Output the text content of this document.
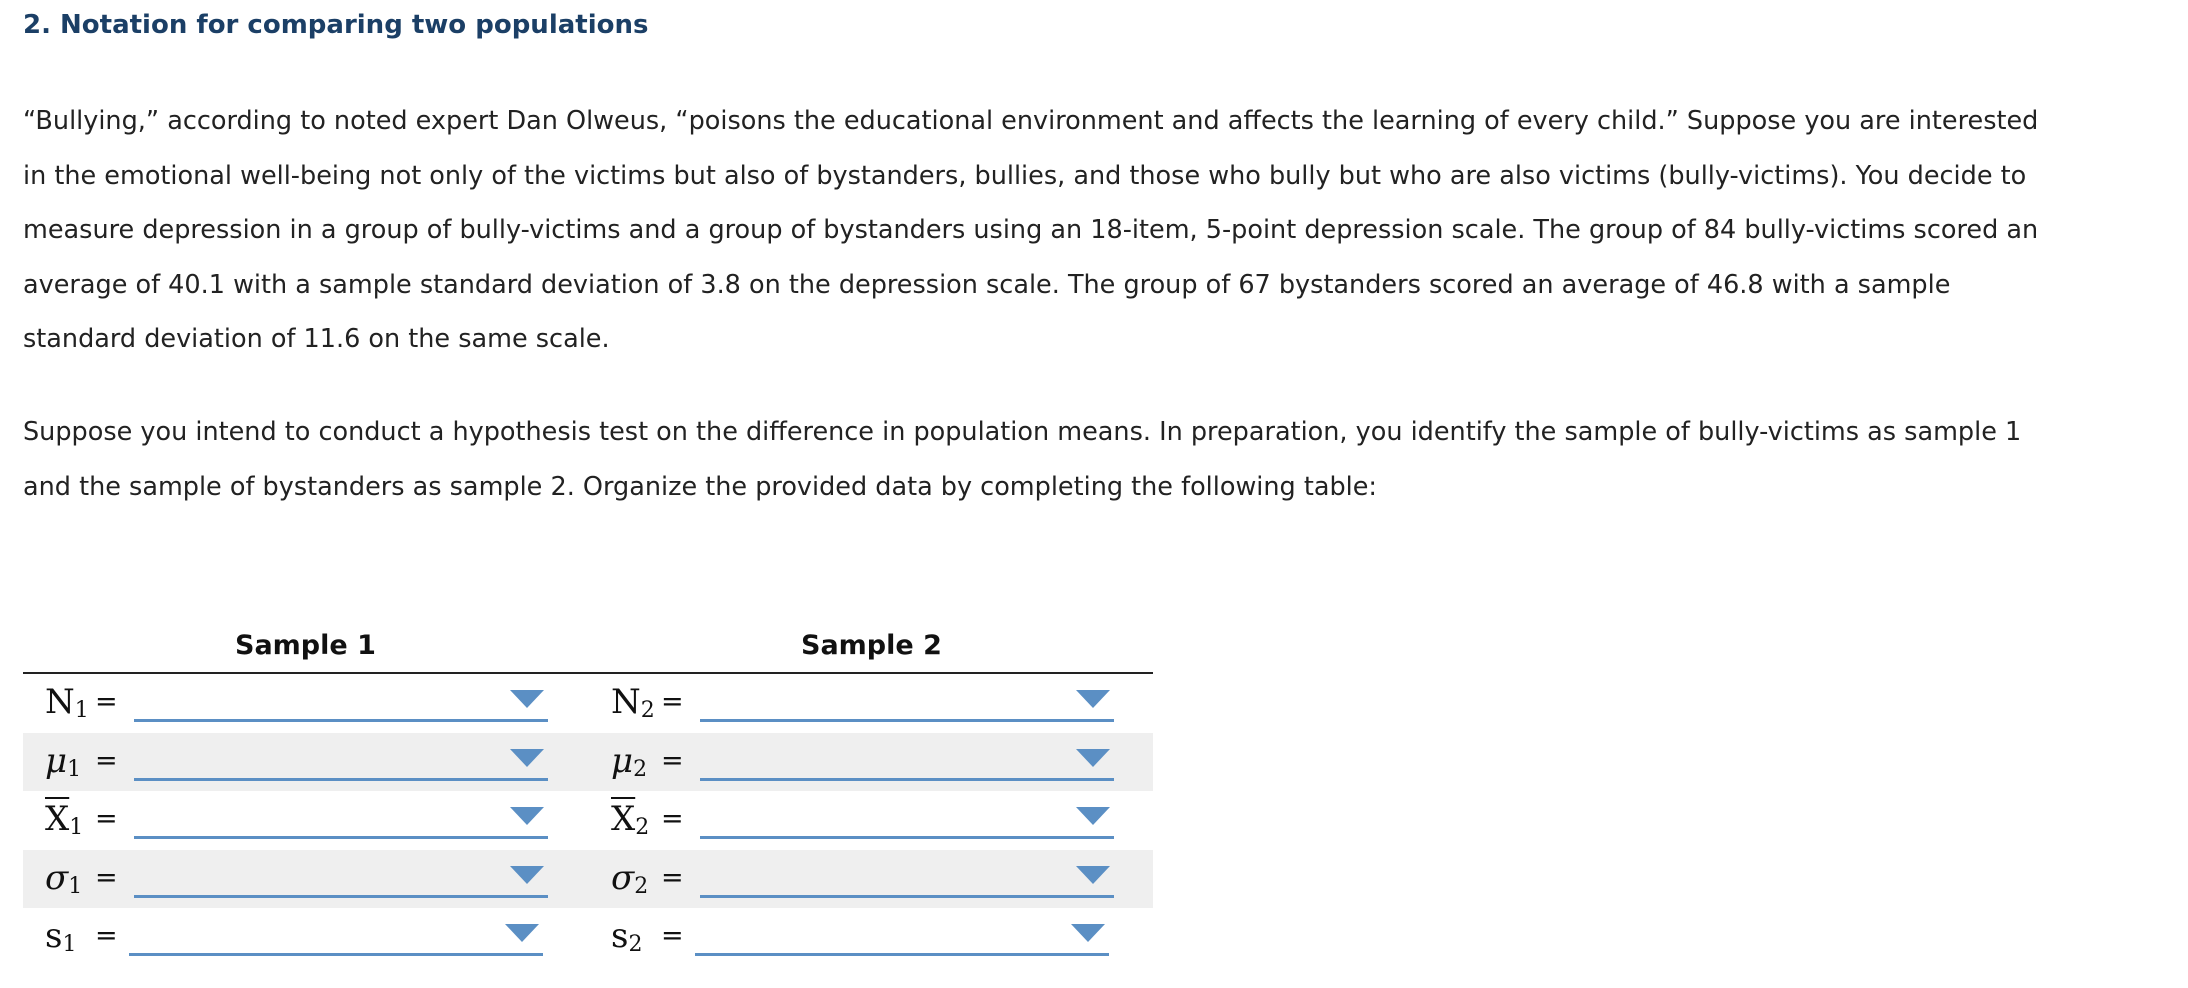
2. Notation for comparing two populations

“Bullying,” according to noted expert Dan Olweus, “poisons the educational environment and affects the learning of every child.” Suppose you are interested in the emotional well-being not only of the victims but also of bystanders, bullies, and those who bully but who are also victims (bully-victims). You decide to measure depression in a group of bully-victims and a group of bystanders using an 18-item, 5-point depression scale. The group of 84 bully-victims scored an average of 40.1 with a sample standard deviation of 3.8 on the depression scale. The group of 67 bystanders scored an average of 46.8 with a sample standard deviation of 11.6 on the same scale.

Suppose you intend to conduct a hypothesis test on the difference in population means. In preparation, you identify the sample of bully-victims as sample 1 and the sample of bystanders as sample 2. Organize the provided data by completing the following table:

Sample 1	Sample 2
N1 =	N2 =
μ1 =	μ2 =
$\overline{X}1$ =	$\overline{X}2$ =
σ1 =	σ2 =
s1 =	s2 =
